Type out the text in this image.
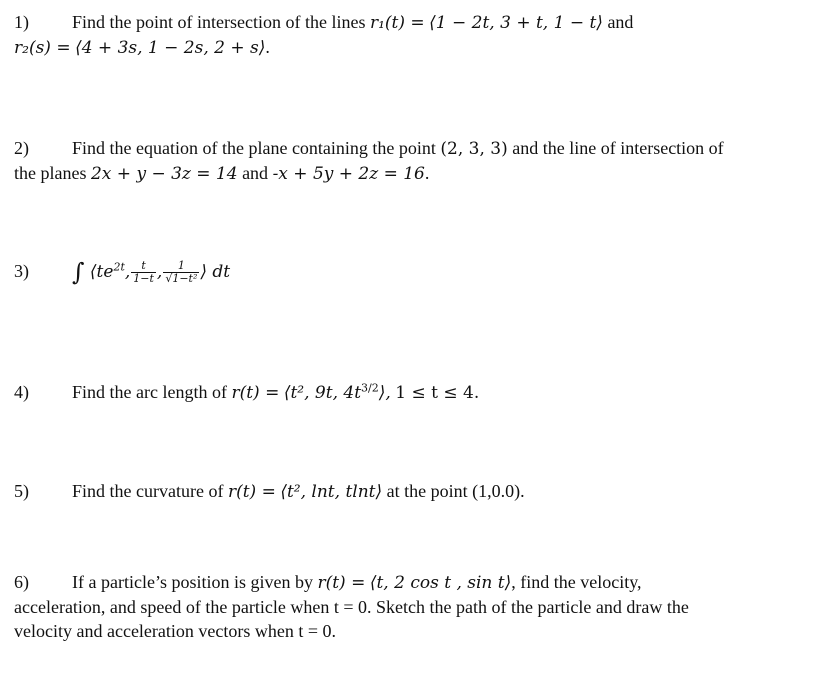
1) Find the point of intersection of the lines r₁(t) = ⟨1 − 2t, 3 + t, 1 − t⟩ and
r₂(s) = ⟨4 + 3s, 1 − 2s, 2 + s⟩.
2) Find the equation of the plane containing the point (2, 3, 3) and the line of intersection of
the planes 2x + y − 3z = 14 and -x + 5y + 2z = 16.
3) ∫ $⟨te^{2t}$, $\frac{t}{1-t}$ , $\frac{1}{\text{√1−t²}}$ ⟩ dt
4) Find the arc length of r(t) = ⟨t², 9t, $4t^{3/2}⟩$, 1 ≤ t ≤ 4.
5) Find the curvature of r(t) = ⟨t², lnt, tlnt⟩ at the point (1,0.0).
6) If a particle’s position is given by r(t) = ⟨t, 2 cos t , sin t⟩, find the velocity,
acceleration, and speed of the particle when t = 0. Sketch the path of the particle and draw the
velocity and acceleration vectors when t = 0.
